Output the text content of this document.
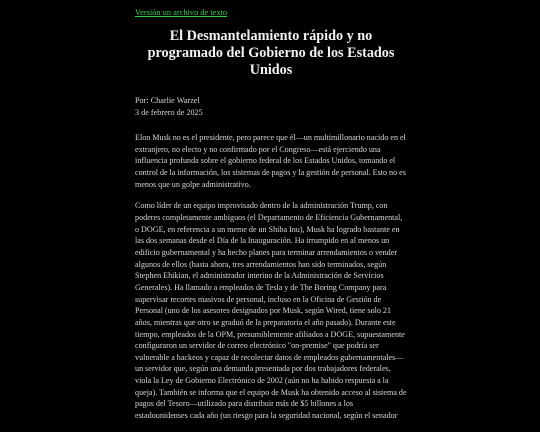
Versión un archivo de texto
El Desmantelamiento rápido y no programado del Gobierno de los Estados Unidos
Por: Charlie Warzel
3 de febrero de 2025

Elon Musk no es el presidente, pero parece que él—un multimillonario nacido en el extranjero, no electo y no confirmado por el Congreso—está ejerciendo una influencia profunda sobre el gobierno federal de los Estados Unidos, tomando el control de la información, los sistemas de pagos y la gestión de personal. Esto no es menos que un golpe administrativo.

Como líder de un equipo improvisado dentro de la administración Trump, con poderes completamente ambiguos (el Departamento de Eficiencia Gubernamental, o DOGE, en referencia a un meme de un Shiba Inu), Musk ha logrado bastante en las dos semanas desde el Día de la Inauguración. Ha irrumpido en al menos un edificio gubernamental y ha hecho planes para terminar arrendamientos o vender algunos de ellos (hasta ahora, tres arrendamientos han sido terminados, según Stephen Ehikian, el administrador interino de la Administración de Servicios Generales). Ha llamado a empleados de Tesla y de The Boring Company para supervisar recortes masivos de personal, incluso en la Oficina de Gestión de Personal (uno de los asesores designados por Musk, según Wired, tiene solo 21 años, mientras que otro se graduó de la preparatoria el año pasado). Durante este tiempo, empleados de la OPM, presumiblemente afiliados a DOGE, supuestamente configuraron un servidor de correo electrónico "on-premise" que podría ser vulnerable a hackeos y capaz de recolectar datos de empleados gubernamentales—un servidor que, según una demanda presentada por dos trabajadores federales, viola la Ley de Gobierno Electrónico de 2002 (aún no ha habido respuesta a la queja). También se informa que el equipo de Musk ha obtenido acceso al sistema de pagos del Tesoro—utilizado para distribuir más de $5 billones a los estadounidenses cada año (un riesgo para la seguridad nacional, según el senador
